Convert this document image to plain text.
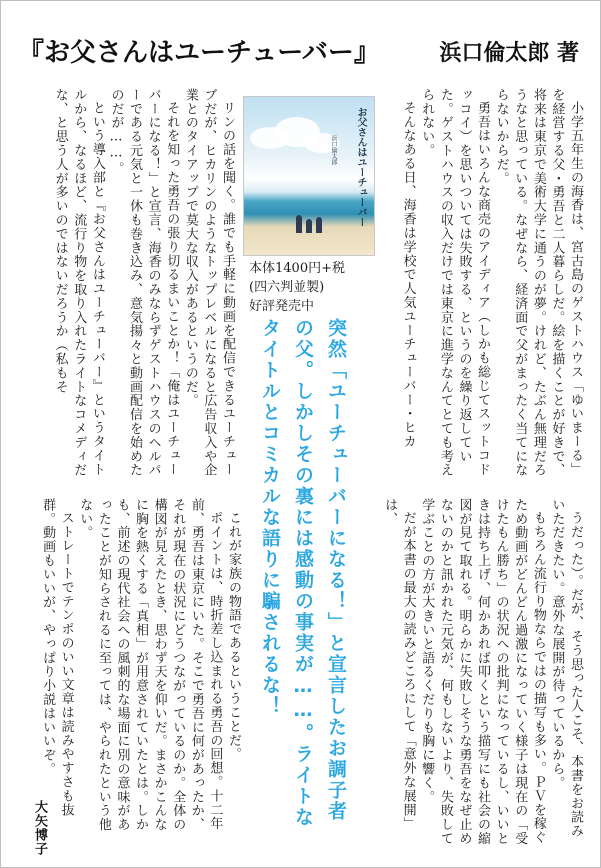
『お父さんはユーチューバー』	浜口倫太郎 著

小学五年生の海香は、宮古島のゲストハウス「ゆいまーる」を経営する父・勇吾と二人暮らしだ。絵を描くことが好きで、将来は東京で美術大学に通うのが夢。けれど、たぶん無理だろうなと思っている。なぜなら、経済面で父がまったく当てにならないからだ。

勇吾はいろんな商売のアイディア（しかも総じてスットコドッコイ）を思いついては失敗する、というのを繰り返していた。ゲストハウスの収入だけでは東京に進学なんてとても考えられない。

そんなある日、海香は学校で人気ユーチューバー・ヒカ

お父さんはユーチューバー
浜口倫太郎
本体1400円+税
(四六判並製)
好評発売中

リンの話を聞く。誰でも手軽に動画を配信できるユーチューブだが、ヒカリンのようなトップレベルになると広告収入や企業とのタイアップで莫大な収入があるというのだ。

それを知った勇吾の張り切るまいことか！「俺はユーチューバーになる！」と宣言、海香のみならずゲストハウスのヘルパーである元気と一休も巻き込み、意気揚々と動画配信を始めたのだが……。

という導入部と『お父さんはユーチューバー』というタイトルから、なるほど、流行り物を取り入れたライトなコメディだな、と思う人が多いのではないだろうか（私もそ

突然「ユーチューバーになる！」と宣言したお調子者の父。しかしその裏には感動の事実が……。ライトなタイトルとコミカルな語りに騙されるな！	うだった）。だが、そう思った人こそ、本書をお読みいただきたい。意外な展開が待っているから。

もちろん流行り物ならではの描写も多い。ＰＶを稼ぐため動画がどんどん過激になっていく様子は現在の「受けたもん勝ち」の状況への批判になっているし、いいときは持ち上げ、何かあれば叩くという描写にも社会の縮図が見て取れる。明らかに失敗しそうな勇吾をなぜ止めないのかと訊かれた元気が、何もしないより、失敗して学ぶことの方が大きいと語るくだりも胸に響く。

だが本書の最大の読みどころにして「意外な展開」は、

これが家族の物語であるということだ。

ポイントは、時折差し込まれる勇吾の回想。十二年前、勇吾は東京にいた。そこで勇吾に何があったか、それが現在の状況にどうつながっているのか。全体の構図が見えたとき、思わず天を仰いだ。まさかこんなに胸を熱くする「真相」が用意されていたとは。しかも、前述の現代社会への風刺的な場面に別の意味があったことが知らされるに至っては、やられたという他ない。

ストレートでテンポのいい文章は読みやすさも抜群。動画もいいが、やっぱり小説はいいぞ。

大矢博子
